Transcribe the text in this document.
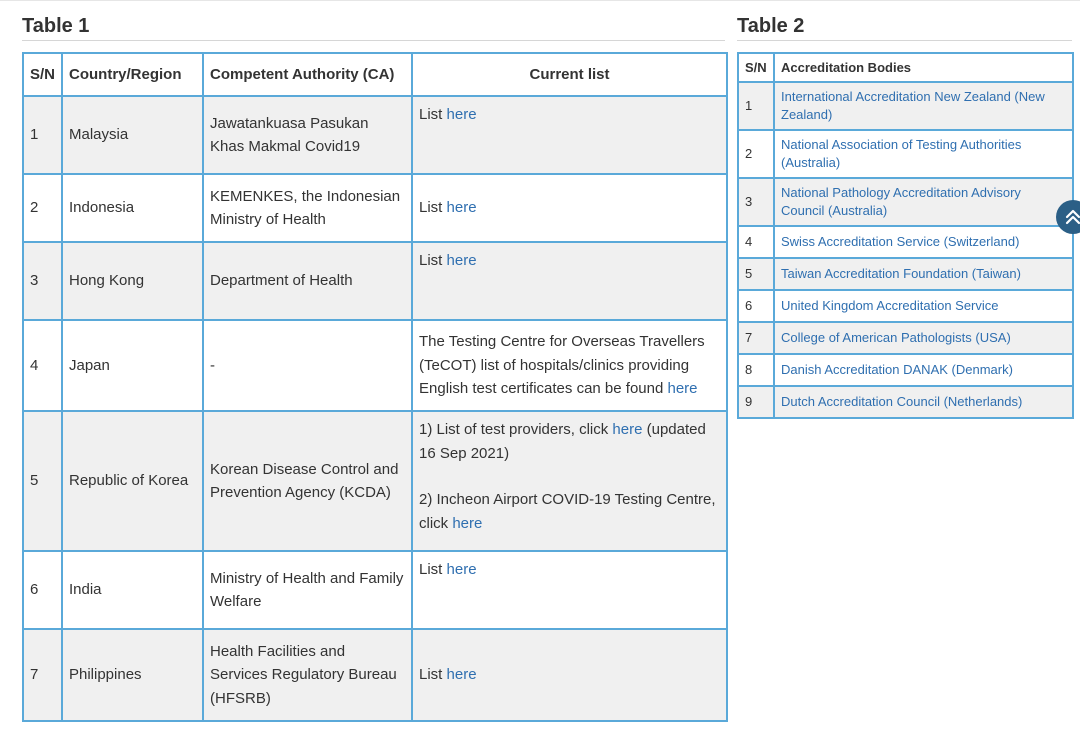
Table 1	Table 2
S/N	Country/Region	Competent Authority (CA)	Current list
1	Malaysia	Jawatankuasa Pasukan Khas Makmal Covid19	List here
2	Indonesia	KEMENKES, the Indonesian Ministry of Health	List here
3	Hong Kong	Department of Health	List here
4	Japan	-	The Testing Centre for Overseas Travellers (TeCOT) list of hospitals/clinics providing English test certificates can be found here
5	Republic of Korea	Korean Disease Control and Prevention Agency (KCDA)	1) List of test providers, click here (updated 16 Sep 2021)
2) Incheon Airport COVID-19 Testing Centre, click here
6	India	Ministry of Health and Family Welfare	List here
7	Philippines	Health Facilities and Services Regulatory Bureau (HFSRB)	List here
S/N	Accreditation Bodies
1	International Accreditation New Zealand (New Zealand)
2	National Association of Testing Authorities (Australia)
3	National Pathology Accreditation Advisory Council (Australia)
4	Swiss Accreditation Service (Switzerland)
5	Taiwan Accreditation Foundation (Taiwan)
6	United Kingdom Accreditation Service
7	College of American Pathologists (USA)
8	Danish Accreditation DANAK (Denmark)
9	Dutch Accreditation Council (Netherlands)
